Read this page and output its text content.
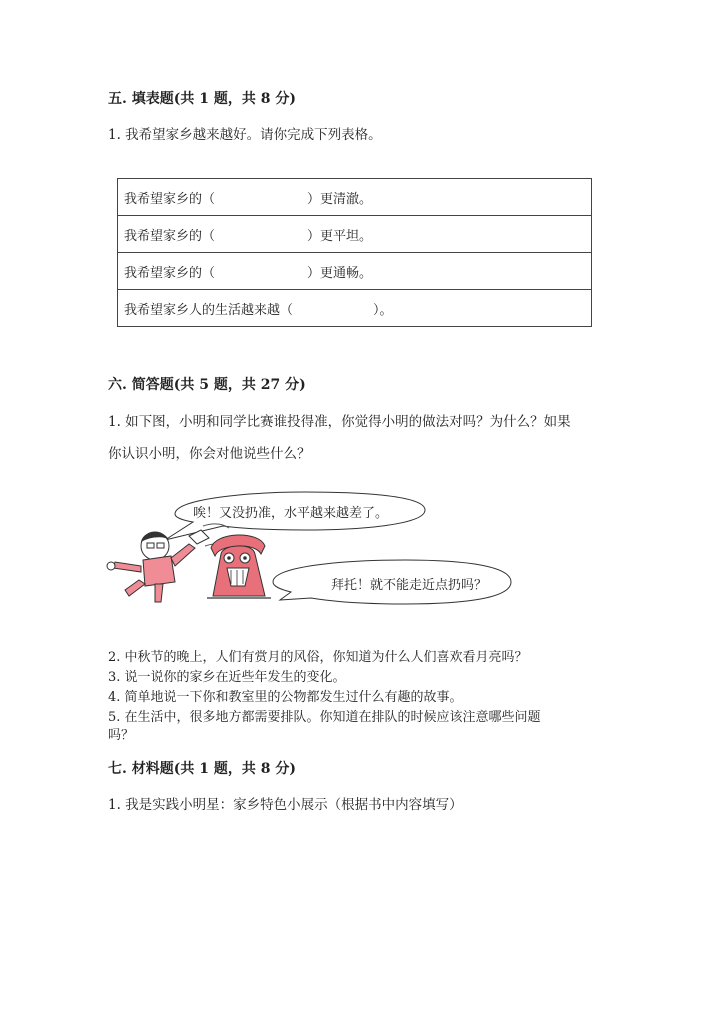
五. 填表题(共 1 题，共 8 分)
1. 我希望家乡越来越好。请你完成下列表格。
我希望家乡的（	）更清澈。
我希望家乡的（	）更平坦。
我希望家乡的（	）更通畅。
我希望家乡人的生活越来越（	）。
六. 简答题(共 5 题，共 27 分)
1. 如下图，小明和同学比赛谁投得准，你觉得小明的做法对吗？为什么？如果
你认识小明，你会对他说些什么？
唉！又没扔准，水平越来越差了。
拜托！就不能走近点扔吗？
2. 中秋节的晚上，人们有赏月的风俗，你知道为什么人们喜欢看月亮吗？
3. 说一说你的家乡在近些年发生的变化。
4. 简单地说一下你和教室里的公物都发生过什么有趣的故事。
5. 在生活中，很多地方都需要排队。你知道在排队的时候应该注意哪些问题
吗？
七. 材料题(共 1 题，共 8 分)
1. 我是实践小明星：家乡特色小展示（根据书中内容填写）
